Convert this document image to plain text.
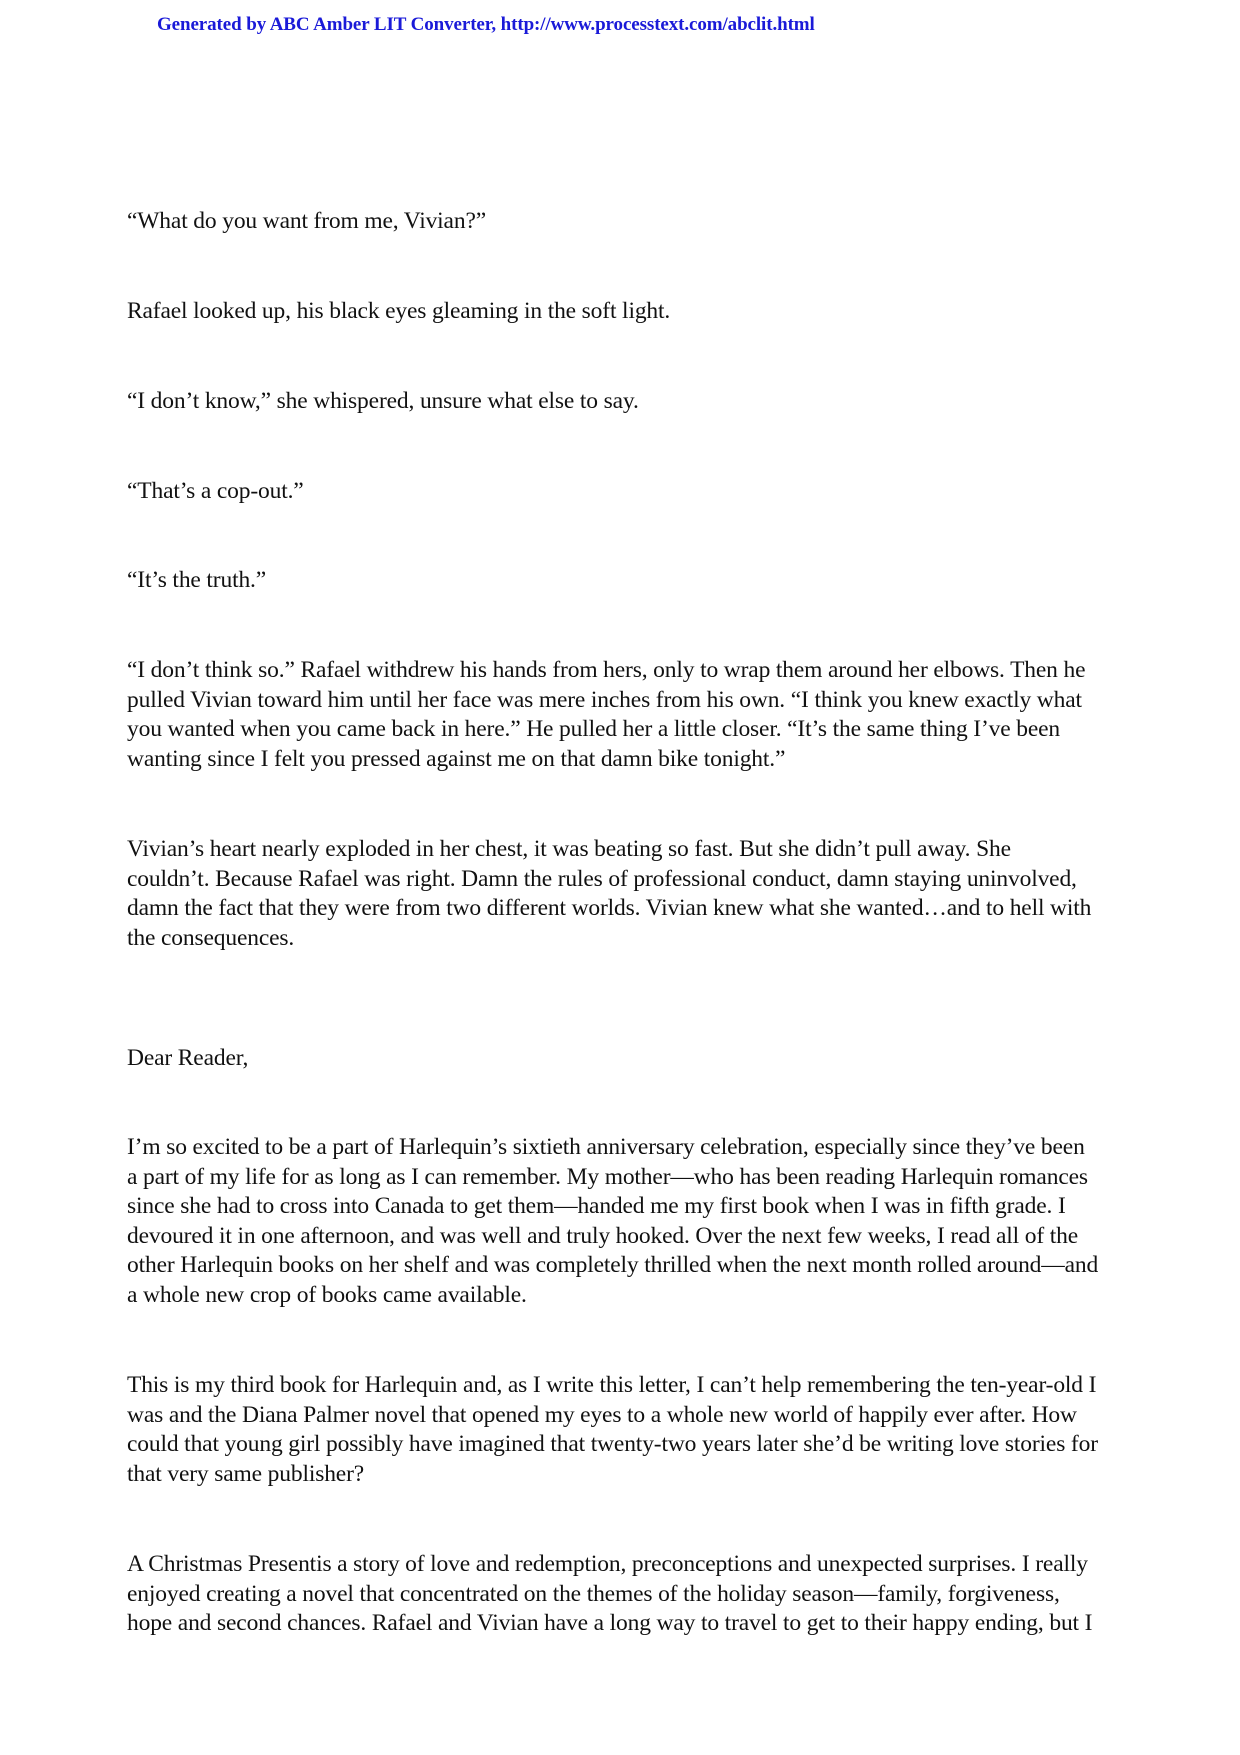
Generated by ABC Amber LIT Converter, http://www.processtext.com/abclit.html
“What do you want from me, Vivian?”
Rafael looked up, his black eyes gleaming in the soft light.
“I don’t know,” she whispered, unsure what else to say.
“That’s a cop-out.”
“It’s the truth.”
“I don’t think so.” Rafael withdrew his hands from hers, only to wrap them around her elbows. Then he
pulled Vivian toward him until her face was mere inches from his own. “I think you knew exactly what
you wanted when you came back in here.” He pulled her a little closer. “It’s the same thing I’ve been
wanting since I felt you pressed against me on that damn bike tonight.”
Vivian’s heart nearly exploded in her chest, it was beating so fast. But she didn’t pull away. She
couldn’t. Because Rafael was right. Damn the rules of professional conduct, damn staying uninvolved,
damn the fact that they were from two different worlds. Vivian knew what she wanted…and to hell with
the consequences.
Dear Reader,
I’m so excited to be a part of Harlequin’s sixtieth anniversary celebration, especially since they’ve been
a part of my life for as long as I can remember. My mother—who has been reading Harlequin romances
since she had to cross into Canada to get them—handed me my first book when I was in fifth grade. I
devoured it in one afternoon, and was well and truly hooked. Over the next few weeks, I read all of the
other Harlequin books on her shelf and was completely thrilled when the next month rolled around—and
a whole new crop of books came available.
This is my third book for Harlequin and, as I write this letter, I can’t help remembering the ten-year-old I
was and the Diana Palmer novel that opened my eyes to a whole new world of happily ever after. How
could that young girl possibly have imagined that twenty-two years later she’d be writing love stories for
that very same publisher?
A Christmas Presentis a story of love and redemption, preconceptions and unexpected surprises. I really
enjoyed creating a novel that concentrated on the themes of the holiday season—family, forgiveness,
hope and second chances. Rafael and Vivian have a long way to travel to get to their happy ending, but I
